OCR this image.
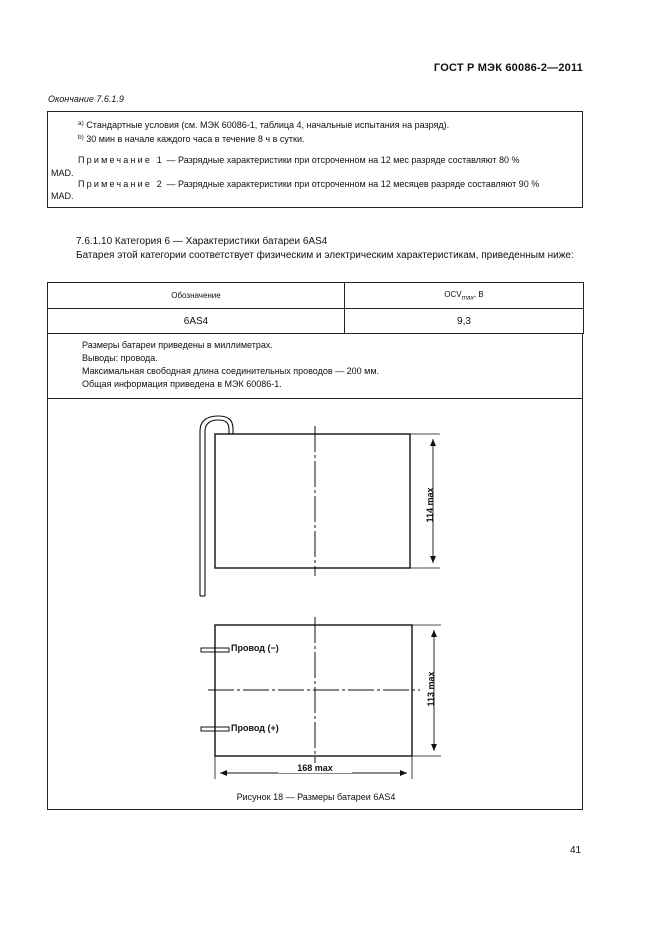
ГОСТ Р МЭК 60086-2—2011
Окончание 7.6.1.9
$^{a)}$ Стандартные условия (см. МЭК 60086-1, таблица 4, начальные испытания на разряд).
$^{b)}$ 30 мин в начале каждого часа в течение 8 ч в сутки.
Примечание 1 — Разрядные характеристики при отсроченном на 12 мес разряде составляют 80 %
MAD.
Примечание 2 — Разрядные характеристики при отсроченном на 12 месяцев разряде составляют 90 %
MAD.
7.6.1.10 Категория 6 — Характеристики батареи 6AS4
Батарея этой категории соответствует физическим и электрическим характеристикам, приведенным ниже:
Обозначение	$OCV_{max}$, В
6AS4	9,3
Размеры батареи приведены в миллиметрах.
Выводы: провода.
Максимальная свободная длина соединительных проводов — 200 мм.
Общая информация приведена в МЭК 60086-1.
114 max
113 max
168 max
Провод (−)
Провод (+)
Рисунок 18 — Размеры батареи 6AS4
41
